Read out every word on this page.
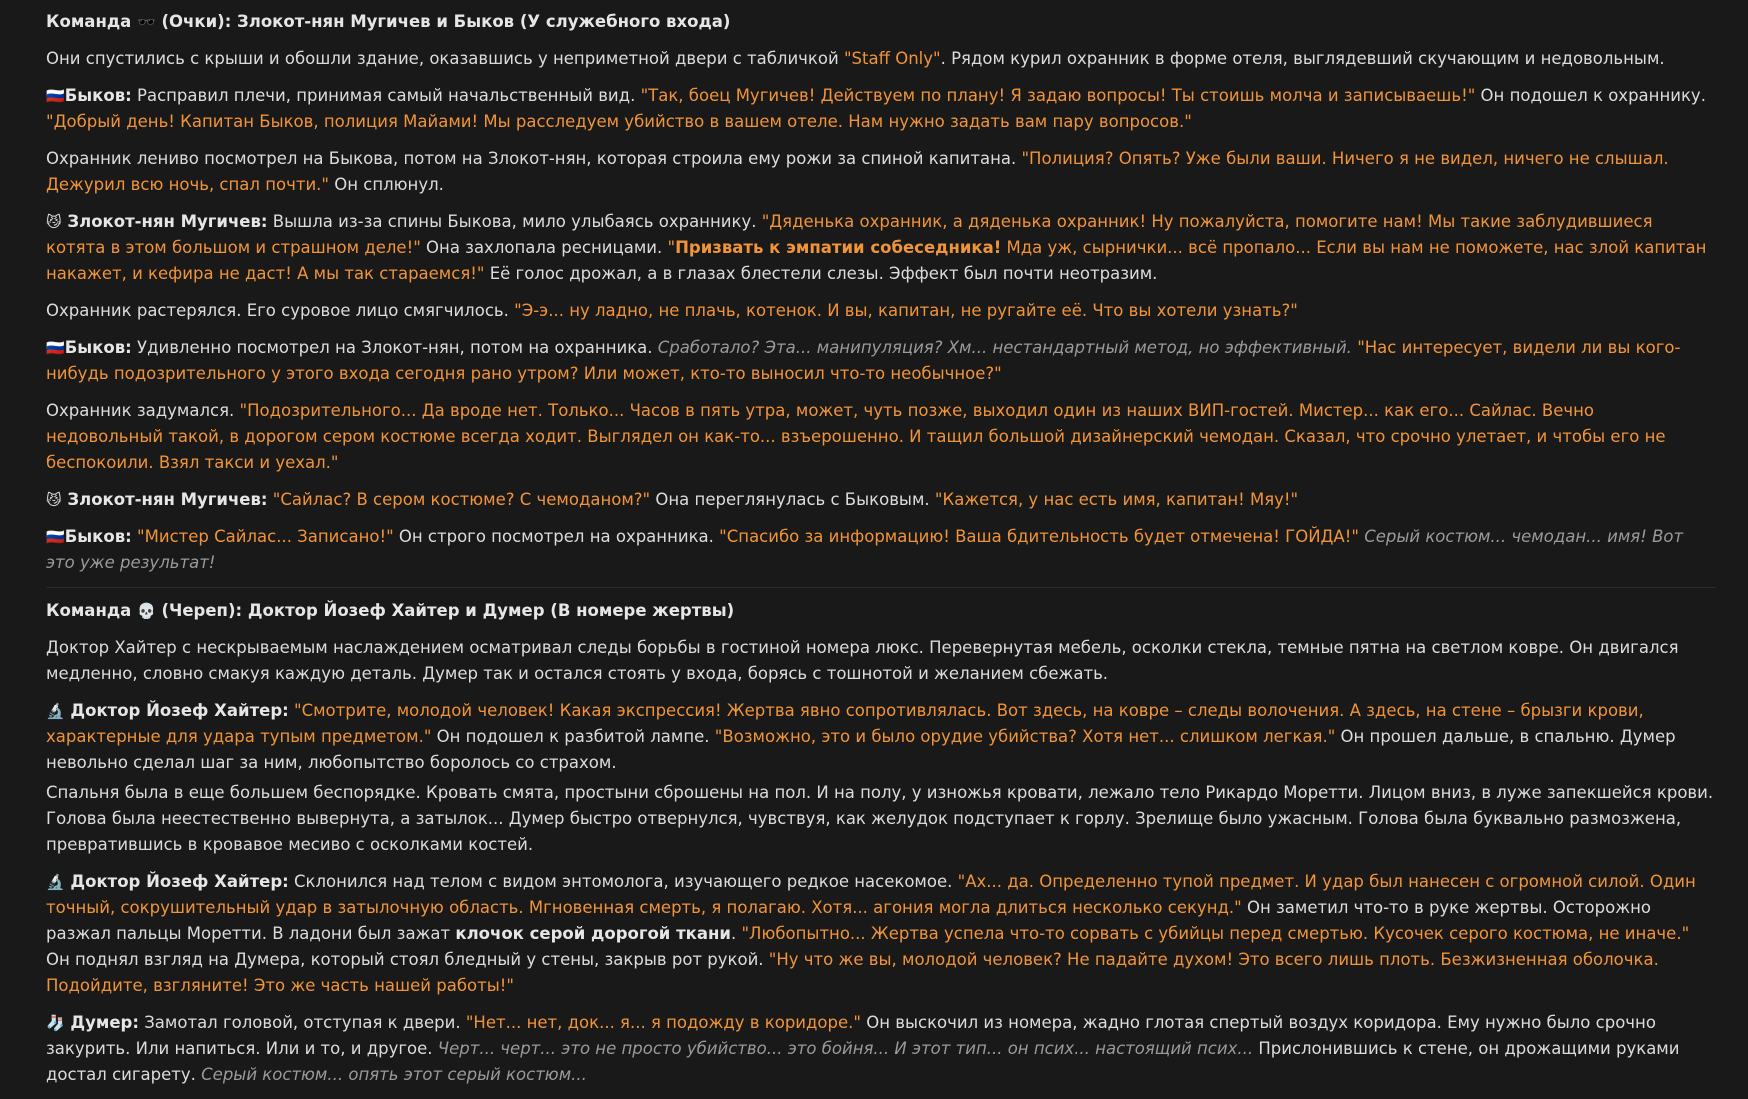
Команда 🕶️ (Очки): Злокот-нян Мугичев и Быков (У служебного входа)
Они спустились с крыши и обошли здание, оказавшись у неприметной двери с табличкой "Staff Only". Рядом курил охранник в форме отеля, выглядевший скучающим и недовольным.
🇷🇺Быков: Расправил плечи, принимая самый начальственный вид. "Так, боец Мугичев! Действуем по плану! Я задаю вопросы! Ты стоишь молча и записываешь!" Он подошел к охраннику. "Добрый день! Капитан Быков, полиция Майами! Мы расследуем убийство в вашем отеле. Нам нужно задать вам пару вопросов."
Охранник лениво посмотрел на Быкова, потом на Злокот-нян, которая строила ему рожи за спиной капитана. "Полиция? Опять? Уже были ваши. Ничего я не видел, ничего не слышал. Дежурил всю ночь, спал почти." Он сплюнул.
😼 Злокот-нян Мугичев: Вышла из-за спины Быкова, мило улыбаясь охраннику. "Дяденька охранник, а дяденька охранник! Ну пожалуйста, помогите нам! Мы такие заблудившиеся котята в этом большом и страшном деле!" Она захлопала ресницами. "Призвать к эмпатии собеседника! Мда уж, сырнички... всё пропало... Если вы нам не поможете, нас злой капитан накажет, и кефира не даст! А мы так стараемся!" Её голос дрожал, а в глазах блестели слезы. Эффект был почти неотразим.
Охранник растерялся. Его суровое лицо смягчилось. "Э-э... ну ладно, не плачь, котенок. И вы, капитан, не ругайте её. Что вы хотели узнать?"
🇷🇺Быков: Удивленно посмотрел на Злокот-нян, потом на охранника. Сработало? Эта... манипуляция? Хм... нестандартный метод, но эффективный. "Нас интересует, видели ли вы кого-нибудь подозрительного у этого входа сегодня рано утром? Или может, кто-то выносил что-то необычное?"
Охранник задумался. "Подозрительного... Да вроде нет. Только... Часов в пять утра, может, чуть позже, выходил один из наших ВИП-гостей. Мистер... как его... Сайлас. Вечно недовольный такой, в дорогом сером костюме всегда ходит. Выглядел он как-то... взъерошенно. И тащил большой дизайнерский чемодан. Сказал, что срочно улетает, и чтобы его не беспокоили. Взял такси и уехал."
😼 Злокот-нян Мугичев: "Сайлас? В сером костюме? С чемоданом?" Она переглянулась с Быковым. "Кажется, у нас есть имя, капитан! Мяу!"
🇷🇺Быков: "Мистер Сайлас... Записано!" Он строго посмотрел на охранника. "Спасибо за информацию! Ваша бдительность будет отмечена! ГОЙДА!" Серый костюм... чемодан... имя! Вот это уже результат!
Команда 💀 (Череп): Доктор Йозеф Хайтер и Думер (В номере жертвы)
Доктор Хайтер с нескрываемым наслаждением осматривал следы борьбы в гостиной номера люкс. Перевернутая мебель, осколки стекла, темные пятна на светлом ковре. Он двигался медленно, словно смакуя каждую деталь. Думер так и остался стоять у входа, борясь с тошнотой и желанием сбежать.
🔬 Доктор Йозеф Хайтер: "Смотрите, молодой человек! Какая экспрессия! Жертва явно сопротивлялась. Вот здесь, на ковре – следы волочения. А здесь, на стене – брызги крови, характерные для удара тупым предметом." Он подошел к разбитой лампе. "Возможно, это и было орудие убийства? Хотя нет... слишком легкая." Он прошел дальше, в спальню. Думер невольно сделал шаг за ним, любопытство боролось со страхом.
Спальня была в еще большем беспорядке. Кровать смята, простыни сброшены на пол. И на полу, у изножья кровати, лежало тело Рикардо Моретти. Лицом вниз, в луже запекшейся крови. Голова была неестественно вывернута, а затылок... Думер быстро отвернулся, чувствуя, как желудок подступает к горлу. Зрелище было ужасным. Голова была буквально размозжена, превратившись в кровавое месиво с осколками костей.
🔬 Доктор Йозеф Хайтер: Склонился над телом с видом энтомолога, изучающего редкое насекомое. "Ах... да. Определенно тупой предмет. И удар был нанесен с огромной силой. Один точный, сокрушительный удар в затылочную область. Мгновенная смерть, я полагаю. Хотя... агония могла длиться несколько секунд." Он заметил что-то в руке жертвы. Осторожно разжал пальцы Моретти. В ладони был зажат клочок серой дорогой ткани. "Любопытно... Жертва успела что-то сорвать с убийцы перед смертью. Кусочек серого костюма, не иначе." Он поднял взгляд на Думера, который стоял бледный у стены, закрыв рот рукой. "Ну что же вы, молодой человек? Не падайте духом! Это всего лишь плоть. Безжизненная оболочка. Подойдите, взгляните! Это же часть нашей работы!"
🧦 Думер: Замотал головой, отступая к двери. "Нет... нет, док... я... я подожду в коридоре." Он выскочил из номера, жадно глотая спертый воздух коридора. Ему нужно было срочно закурить. Или напиться. Или и то, и другое. Черт... черт... это не просто убийство... это бойня... И этот тип... он псих... настоящий псих... Прислонившись к стене, он дрожащими руками достал сигарету. Серый костюм... опять этот серый костюм...
